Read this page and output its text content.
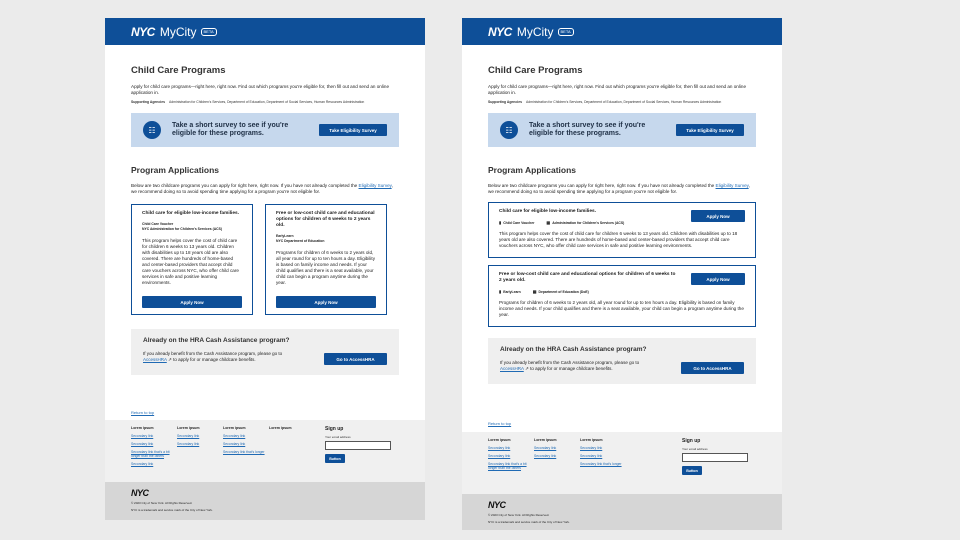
NYC MyCity	BETA
Child Care Programs

Apply for child care programs—right here, right now. Find out which programs you're eligible for, then fill out and send an online application in.

Supporting Agencies Administration for Children's Services, Department of Education, Department of Social Services, Human Resources Administration
☷	Take a short survey to see if you're eligible for these programs.	Take Eligibility Survey
Program Applications

Below are two childcare programs you can apply for right here, right now. If you have not already completed the Eligibility Survey, we recommend doing so to avoid spending time applying for a program you're not eligible for.

Child care for eligible low-income families.
Child Care Voucher
NYC Administration for Children's Services (ACS)
This program helps cover the cost of child care for children 6 weeks to 13 years old. Children with disabilities up to 18 years old are also covered. There are hundreds of home-based and center-based providers that accept child care vouchers across NYC, who offer child care services in safe and positive learning environments.
Apply Now
Free or low-cost child care and educational options for children of 6 weeks to 2 years old.
EarlyLearn
NYC Department of Education
Programs for children of 6 weeks to 2 years old, all year round for up to ten hours a day. Eligibility is based on family income and needs. If your child qualifies and there is a seat available, your child can begin a program anytime during the year.
Apply Now
Already on the HRA Cash Assistance program?
If you already benefit from the Cash Assistance program, please go to AccessHRA ↗ to apply for or manage childcare benefits.	Go to AccessHRA
Return to top
Lorem ipsum
Secondary link
Secondary link
Secondary link that's a bit longer than the others
Secondary link
Lorem ipsum
Secondary link
Secondary link
Lorem ipsum
Secondary link
Secondary link
Secondary link that's longer
Lorem ipsum	Sign up
Your email address
Button
NYC
© 2023 City of New York. All Rights Reserved.
NYC is a trademark and service mark of the City of New York.
NYC MyCity	BETA
Child Care Programs

Apply for child care programs—right here, right now. Find out which programs you're eligible for, then fill out and send an online application in.

Supporting Agencies Administration for Children's Services, Department of Education, Department of Social Services, Human Resources Administration
☷	Take a short survey to see if you're eligible for these programs.	Take Eligibility Survey
Program Applications

Below are two childcare programs you can apply for right here, right now. If you have not already completed the Eligibility Survey, we recommend doing so to avoid spending time applying for a program you're not eligible for.

Child care for eligible low-income families.
▮ Child Care Voucher	▦ Administration for Children's Services (ACS)
This program helps cover the cost of child care for children 6 weeks to 13 years old. Children with disabilities up to 18 years old are also covered. There are hundreds of home-based and center-based providers that accept child care vouchers across NYC, who offer child care services in safe and positive learning environments.
Apply Now
Free or low-cost child care and educational options for children of 6 weeks to 2 years old.
▮ EarlyLearn	▦ Department of Education (DoE)
Programs for children of 6 weeks to 2 years old, all year round for up to ten hours a day. Eligibility is based on family income and needs. If your child qualifies and there is a seat available, your child can begin a program anytime during the year.
Apply Now
Already on the HRA Cash Assistance program?
If you already benefit from the Cash Assistance program, please go to AccessHRA ↗ to apply for or manage childcare benefits.	Go to AccessHRA
Return to top
Lorem ipsum
Secondary link
Secondary link
Secondary link that's a bit longer than the others
Lorem ipsum
Secondary link
Secondary link
Lorem ipsum
Secondary link
Secondary link
Secondary link that's longer
Sign up
Your email address
Button
NYC
© 2023 City of New York. All Rights Reserved.
NYC is a trademark and service mark of the City of New York.
